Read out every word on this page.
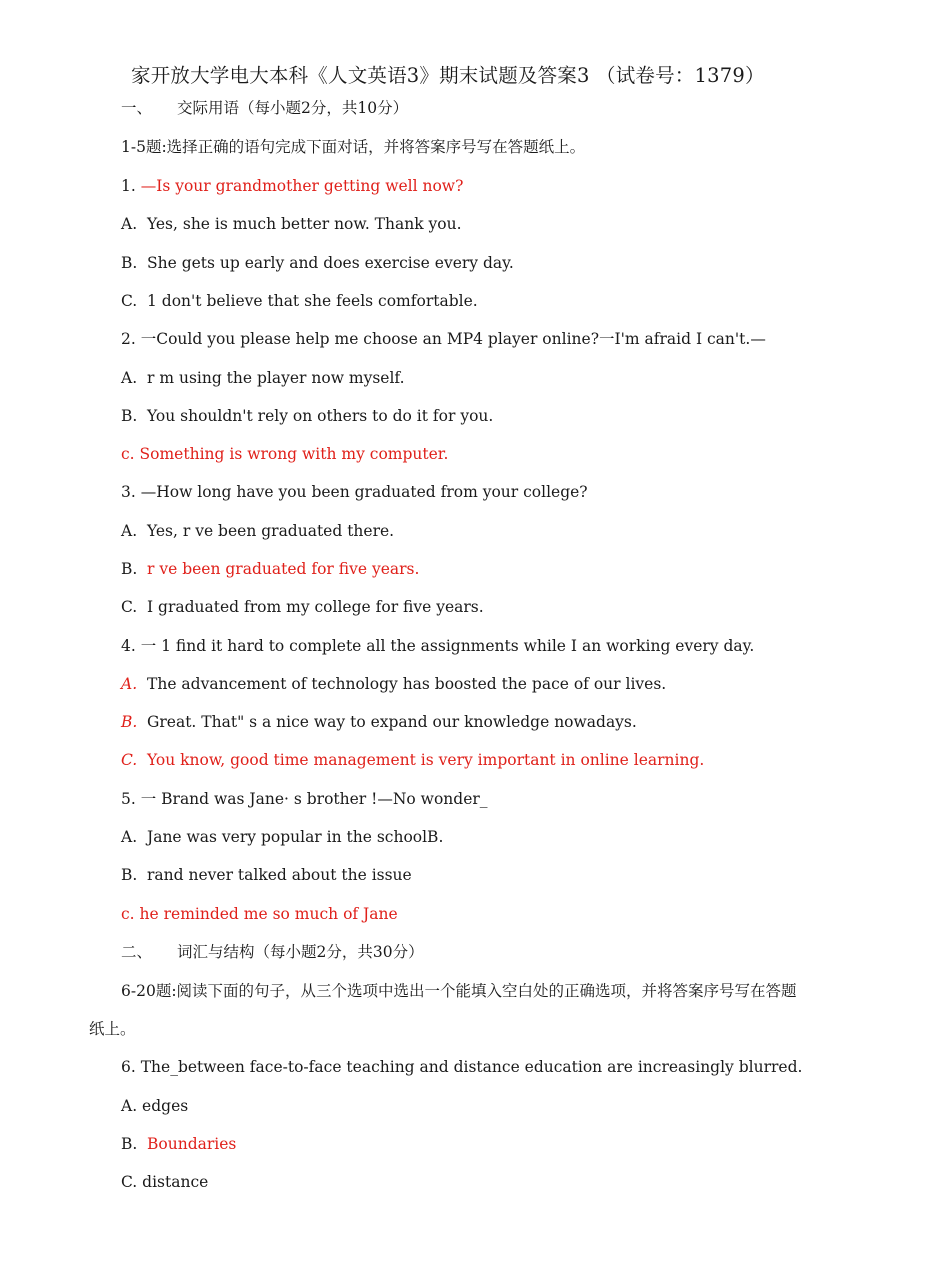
家开放大学电大本科《人文英语3》期末试题及答案3 （试卷号：1379）
一、 交际用语（每小题2分，共10分）
1-5题:选择正确的语句完成下面对话，并将答案序号写在答题纸上。
1. —Is your grandmother getting well now?
A. Yes, she is much better now. Thank you.
B. She gets up early and does exercise every day.
C. 1 don't believe that she feels comfortable.
2. 一Could you please help me choose an MP4 player online?一I'm afraid I can't.—
A. r m using the player now myself.
B. You shouldn't rely on others to do it for you.
c. Something is wrong with my computer.
3. —How long have you been graduated from your college?
A. Yes, r ve been graduated there.
B. r ve been graduated for five years.
C. I graduated from my college for five years.
4. 一 1 find it hard to complete all the assignments while I an working every day.
A. The advancement of technology has boosted the pace of our lives.
B. Great. That" s a nice way to expand our knowledge nowadays.
C. You know, good time management is very important in online learning.
5. 一 Brand was Jane· s brother !—No wonder_
A. Jane was very popular in the schoolB.
B. rand never talked about the issue
c. he reminded me so much of Jane
二、 词汇与结构（每小题2分，共30分）
6-20题:阅读下面的句子，从三个选项中选出一个能填入空白处的正确选项，并将答案序号写在答题
纸上。
6. The_between face-to-face teaching and distance education are increasingly blurred.
A. edges
B. Boundaries
C. distance
